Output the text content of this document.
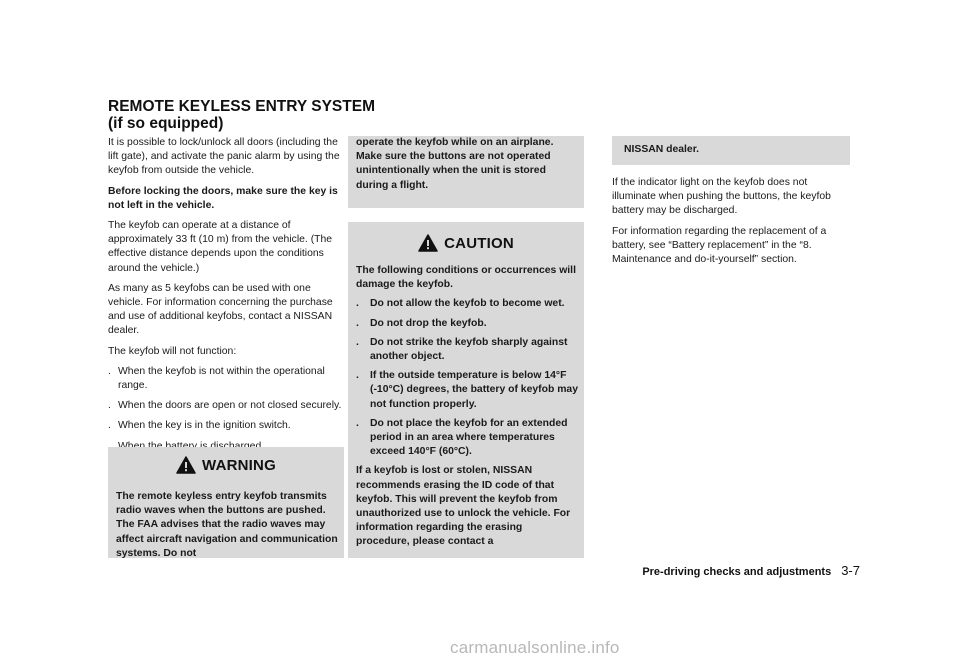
REMOTE KEYLESS ENTRY SYSTEM
(if so equipped)

It is possible to lock/unlock all doors (including the lift gate), and activate the panic alarm by using the keyfob from outside the vehicle.

Before locking the doors, make sure the key is not left in the vehicle.

The keyfob can operate at a distance of approximately 33 ft (10 m) from the vehicle. (The effective distance depends upon the conditions around the vehicle.)

As many as 5 keyfobs can be used with one vehicle. For information concerning the purchase and use of additional keyfobs, contact a NISSAN dealer.

The keyfob will not function:

. When the keyfob is not within the operational range.

. When the doors are open or not closed securely.

. When the key is in the ignition switch.

WARNING
The remote keyless entry keyfob transmits radio waves when the buttons are pushed. The FAA advises that the radio waves may affect aircraft navigation and communication systems. Do not
operate the keyfob while on an airplane. Make sure the buttons are not operated unintentionally when the unit is stored during a flight.
CAUTION

The following conditions or occurrences will damage the keyfob.

. Do not allow the keyfob to become wet.

. Do not drop the keyfob.

. Do not strike the keyfob sharply against another object.

. If the outside temperature is below 14°F (-10°C) degrees, the battery of keyfob may not function properly.

. Do not place the keyfob for an extended period in an area where temperatures exceed 140°F (60°C).

If a keyfob is lost or stolen, NISSAN recommends erasing the ID code of that keyfob. This will prevent the keyfob from unauthorized use to unlock the vehicle. For information regarding the erasing procedure, please contact a

NISSAN dealer.

If the indicator light on the keyfob does not illuminate when pushing the buttons, the keyfob battery may be discharged.

For information regarding the replacement of a battery, see “Battery replacement” in the “8. Maintenance and do-it-yourself” section.

Pre-driving checks and adjustments 3-7
carmanualsonline.info
